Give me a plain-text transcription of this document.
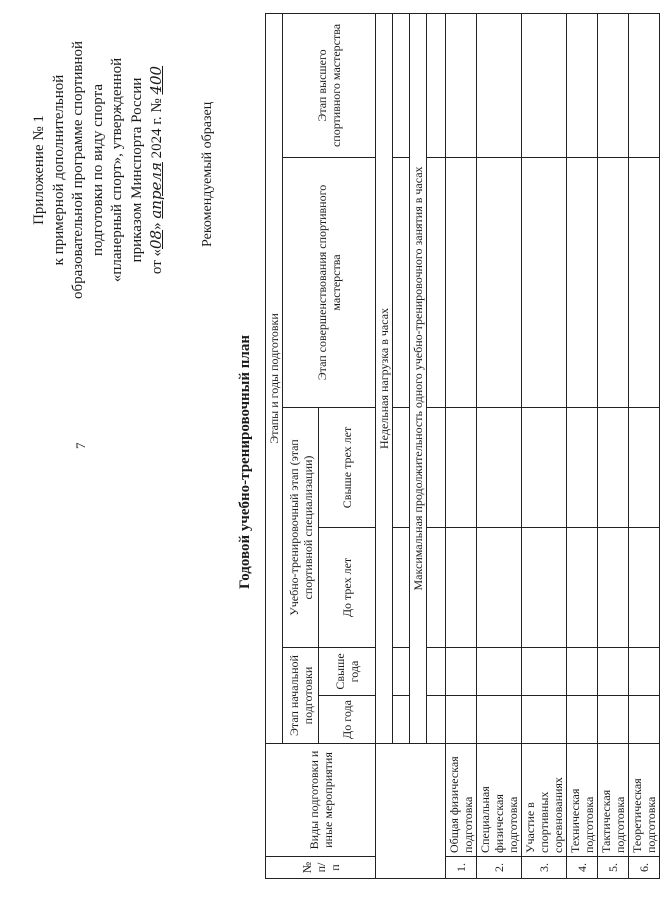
7
Приложение № 1 к примерной дополнительной образовательной программе спортивной подготовки по виду спорта «планерный спорт», утвержденной приказом Минспорта России от «08» апреля 2024 г. № 400
Рекомендуемый образец
Годовой учебно-тренировочный план
№ п/п	Виды подготовки и иные мероприятия	Этапы и годы подготовки					
		Этап начальной подготовки		Учебно-тренировочный этап (этап спортивной специализации)		Этап совершенствования спортивного мастерства	Этап высшего спортивного мастерства
		До года	Свыше года	До трех лет	Свыше трех лет		
		Недельная нагрузка в часах					

		Максимальная продолжительность одного учебно-тренировочного занятия в часах					

1.	Общая физическая подготовка						
2.	Специальная физическая подготовка						
3.	Участие в спортивных соревнованиях						
4.	Техническая подготовка						
5.	Тактическая подготовка						
6.	Теоретическая подготовка						
